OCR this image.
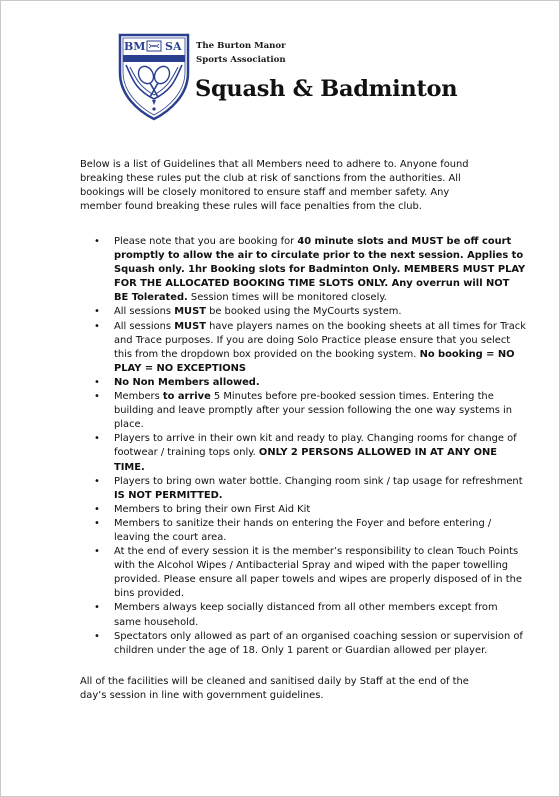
BM SA The Burton Manor
Sports Association
Squash & Badminton

Below is a list of Guidelines that all Members need to adhere to. Anyone found breaking these rules put the club at risk of sanctions from the authorities. All bookings will be closely monitored to ensure staff and member safety. Any member found breaking these rules will face penalties from the club.

• Please note that you are booking for 40 minute slots and MUST be off court promptly to allow the air to circulate prior to the next session. Applies to Squash only. 1hr Booking slots for Badminton Only. MEMBERS MUST PLAY FOR THE ALLOCATED BOOKING TIME SLOTS ONLY. Any overrun will NOT BE Tolerated. Session times will be monitored closely.
• All sessions MUST be booked using the MyCourts system.
• All sessions MUST have players names on the booking sheets at all times for Track and Trace purposes. If you are doing Solo Practice please ensure that you select this from the dropdown box provided on the booking system. No booking = NO PLAY = NO EXCEPTIONS
• No Non Members allowed.
• Members to arrive 5 Minutes before pre-booked session times. Entering the building and leave promptly after your session following the one way systems in place.
• Players to arrive in their own kit and ready to play. Changing rooms for change of footwear / training tops only. ONLY 2 PERSONS ALLOWED IN AT ANY ONE TIME.
• Players to bring own water bottle. Changing room sink / tap usage for refreshment IS NOT PERMITTED.
• Members to bring their own First Aid Kit
• Members to sanitize their hands on entering the Foyer and before entering / leaving the court area.
• At the end of every session it is the member’s responsibility to clean Touch Points with the Alcohol Wipes / Antibacterial Spray and wiped with the paper towelling provided. Please ensure all paper towels and wipes are properly disposed of in the bins provided.
• Members always keep socially distanced from all other members except from same household.
• Spectators only allowed as part of an organised coaching session or supervision of children under the age of 18. Only 1 parent or Guardian allowed per player.

All of the facilities will be cleaned and sanitised daily by Staff at the end of the day’s session in line with government guidelines.
